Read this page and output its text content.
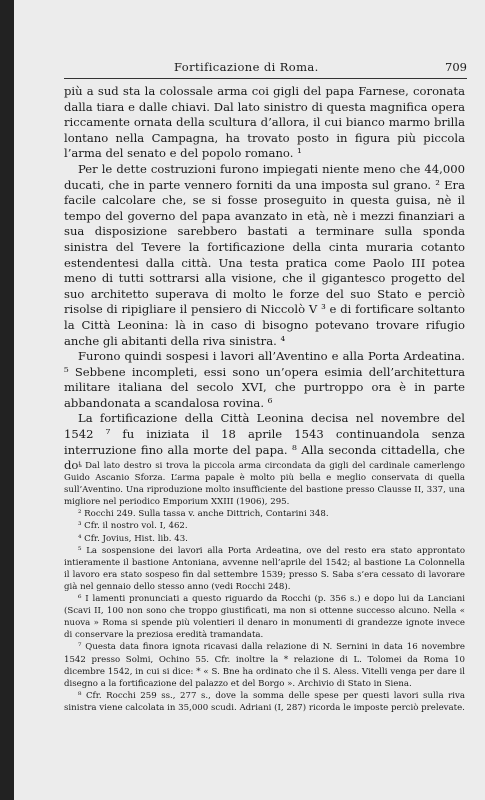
Fortificazione di Roma.	709

più a sud sta la colossale arma coi gigli del papa Farnese, coronata dalla tiara e dalle chiavi. Dal lato sinistro di questa magnifica opera riccamente ornata della scultura d’allora, il cui bianco marmo brilla lontano nella Campagna, ha trovato posto in figura più piccola l’arma del senato e del popolo romano. ¹

Per le dette costruzioni furono impiegati niente meno che 44,000 ducati, che in parte vennero forniti da una imposta sul grano. ² Era facile calcolare che, se si fosse proseguito in questa guisa, nè il tempo del governo del papa avanzato in età, nè i mezzi finanziari a sua disposizione sarebbero bastati a terminare sulla sponda sinistra del Tevere la fortificazione della cinta muraria cotanto estendentesi dalla città. Una testa pratica come Paolo III potea meno di tutti sottrarsi alla visione, che il gigantesco progetto del suo architetto superava di molto le forze del suo Stato e perciò risolse di ripigliare il pensiero di Niccolò V ³ e di fortificare soltanto la Città Leonina: là in caso di bisogno potevano trovare rifugio anche gli abitanti della riva sinistra. ⁴

Furono quindi sospesi i lavori all’Aventino e alla Porta Ardeatina. ⁵ Sebbene incompleti, essi sono un’opera esimia dell’architettura militare italiana del secolo XVI, che purtroppo ora è in parte abbandonata a scandalosa rovina. ⁶

La fortificazione della Città Leonina decisa nel novembre del 1542 ⁷ fu iniziata il 18 aprile 1543 continuandola senza interruzione fino alla morte del papa. ⁸ Alla seconda cittadella, che do-

¹ Dal lato destro si trova la piccola arma circondata da gigli del cardinale camerlengo Guido Ascanio Sforza. L’arma papale è molto più bella e meglio conservata di quella sull’Aventino. Una riproduzione molto insufficiente del bastione presso Clausse II, 337, una migliore nel periodico Emporium XXIII (1906), 295.

² Rocchi 249. Sulla tassa v. anche Dittrich, Contarini 348.

³ Cfr. il nostro vol. I, 462.

⁴ Cfr. Jovius, Hist. lib. 43.

⁵ La sospensione dei lavori alla Porta Ardeatina, ove del resto era stato approntato intieramente il bastione Antoniana, avvenne nell’aprile del 1542; al bastione La Colonnella il lavoro era stato sospeso fin dal settembre 1539; presso S. Saba s’era cessato di lavorare già nel gennaio dello stesso anno (vedi Rocchi 248).

⁶ I lamenti pronunciati a questo riguardo da Rocchi (p. 356 s.) e dopo lui da Lanciani (Scavi II, 100 non sono che troppo giustificati, ma non si ottenne successo alcuno. Nella « nuova » Roma si spende più volentieri il denaro in monumenti di grandezze ignote invece di conservare la preziosa eredità tramandata.

⁷ Questa data finora ignota ricavasi dalla relazione di N. Sernini in data 16 novembre 1542 presso Solmi, Ochino 55. Cfr. inoltre la * relazione di L. Tolomei da Roma 10 dicembre 1542, in cui si dice: * « S. Bne ha ordinato che il S. Aless. Vitelli venga per dare il disegno a la fortificazione del palazzo et del Borgo ». Archivio di Stato in Siena.

⁸ Cfr. Rocchi 259 ss., 277 s., dove la somma delle spese per questi lavori sulla riva sinistra viene calcolata in 35,000 scudi. Adriani (I, 287) ricorda le imposte perciò prelevate.
